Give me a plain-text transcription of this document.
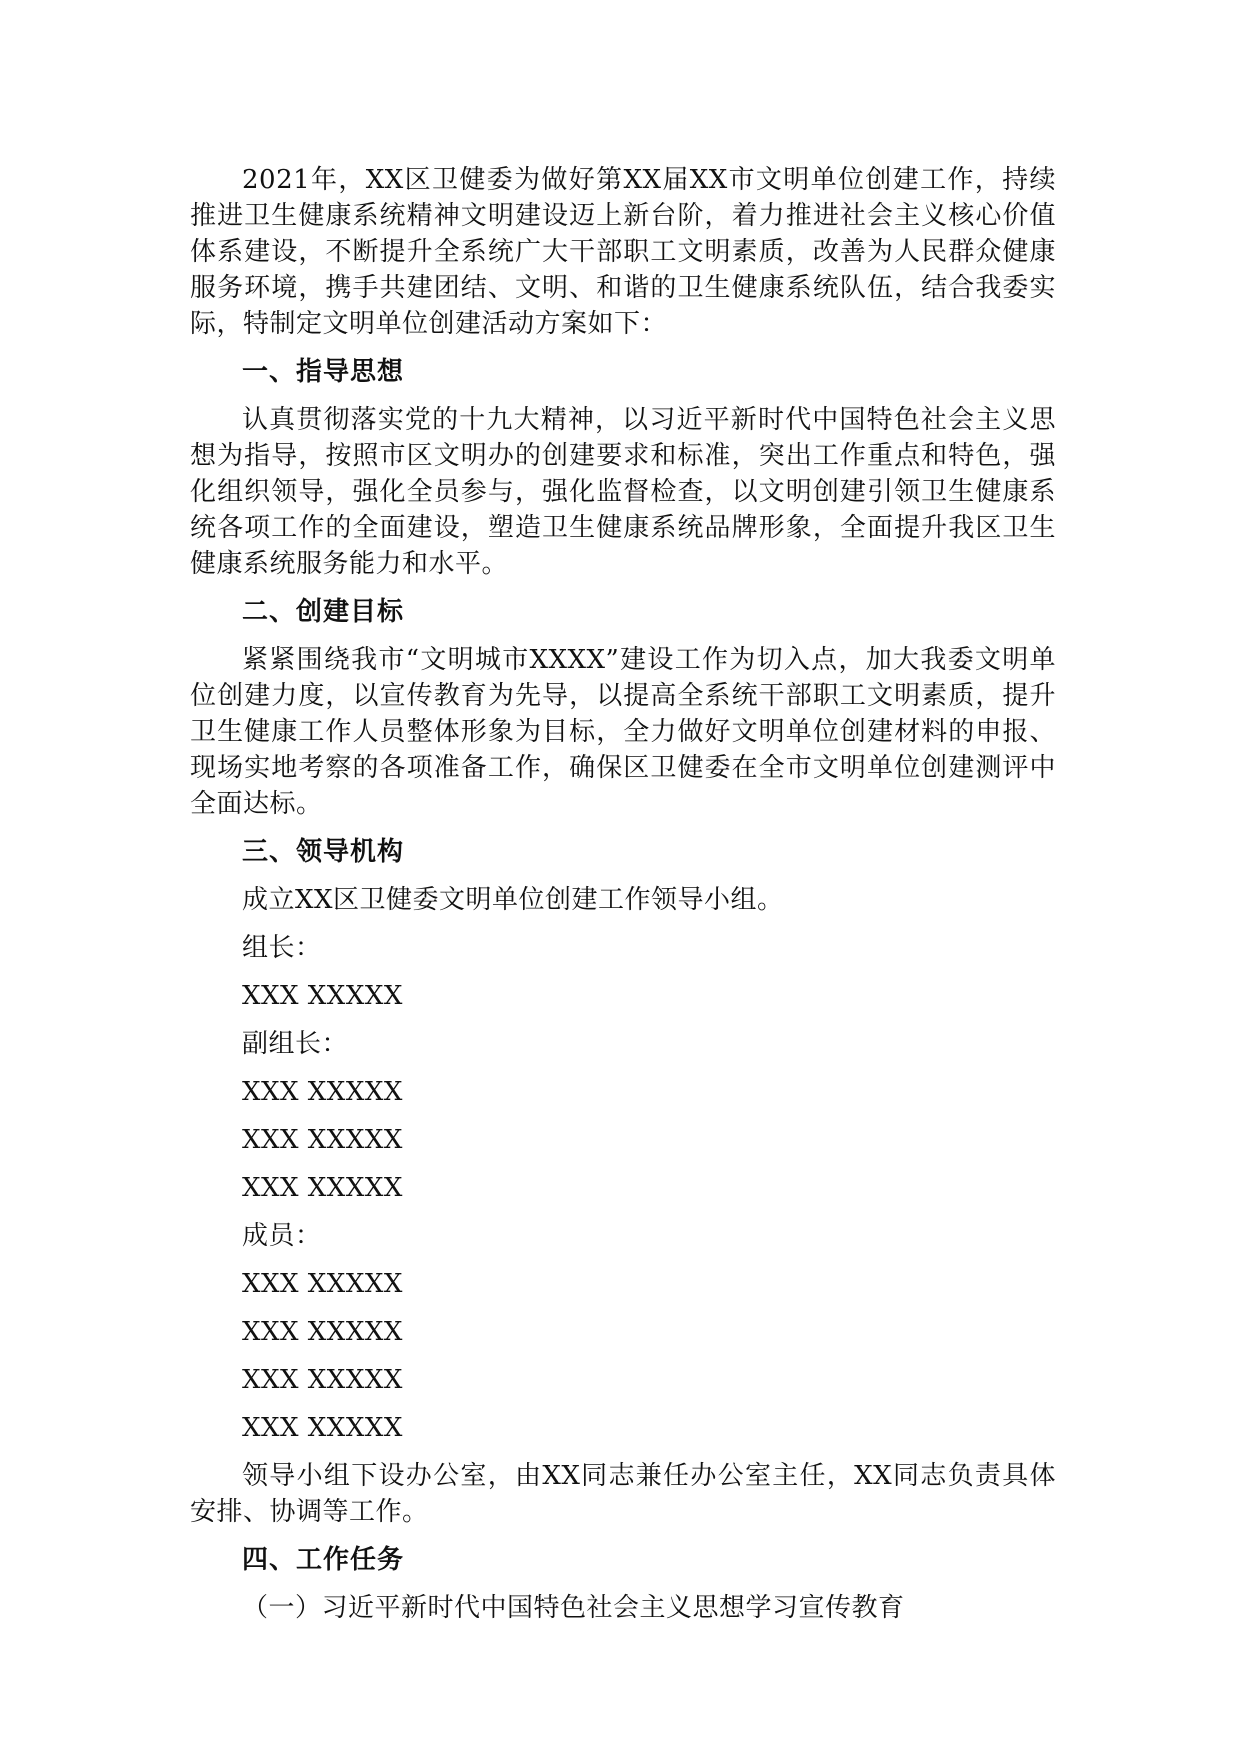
2021年，XX区卫健委为做好第XX届XX市文明单位创建工作，持续推进卫生健康系统精神文明建设迈上新台阶，着力推进社会主义核心价值体系建设，不断提升全系统广大干部职工文明素质，改善为人民群众健康服务环境，携手共建团结、文明、和谐的卫生健康系统队伍，结合我委实际，特制定文明单位创建活动方案如下：

一、指导思想

认真贯彻落实党的十九大精神，以习近平新时代中国特色社会主义思想为指导，按照市区文明办的创建要求和标准，突出工作重点和特色，强化组织领导，强化全员参与，强化监督检查，以文明创建引领卫生健康系统各项工作的全面建设，塑造卫生健康系统品牌形象，全面提升我区卫生健康系统服务能力和水平。

二、创建目标

紧紧围绕我市“文明城市XXXX”建设工作为切入点，加大我委文明单位创建力度，以宣传教育为先导，以提高全系统干部职工文明素质，提升卫生健康工作人员整体形象为目标，全力做好文明单位创建材料的申报、现场实地考察的各项准备工作，确保区卫健委在全市文明单位创建测评中全面达标。

三、领导机构

成立XX区卫健委文明单位创建工作领导小组。

组长：

XXX XXXXX

副组长：

XXX XXXXX

XXX XXXXX

XXX XXXXX

成员：

XXX XXXXX

XXX XXXXX

XXX XXXXX

XXX XXXXX

领导小组下设办公室，由XX同志兼任办公室主任，XX同志负责具体安排、协调等工作。

四、工作任务

（一）习近平新时代中国特色社会主义思想学习宣传教育
